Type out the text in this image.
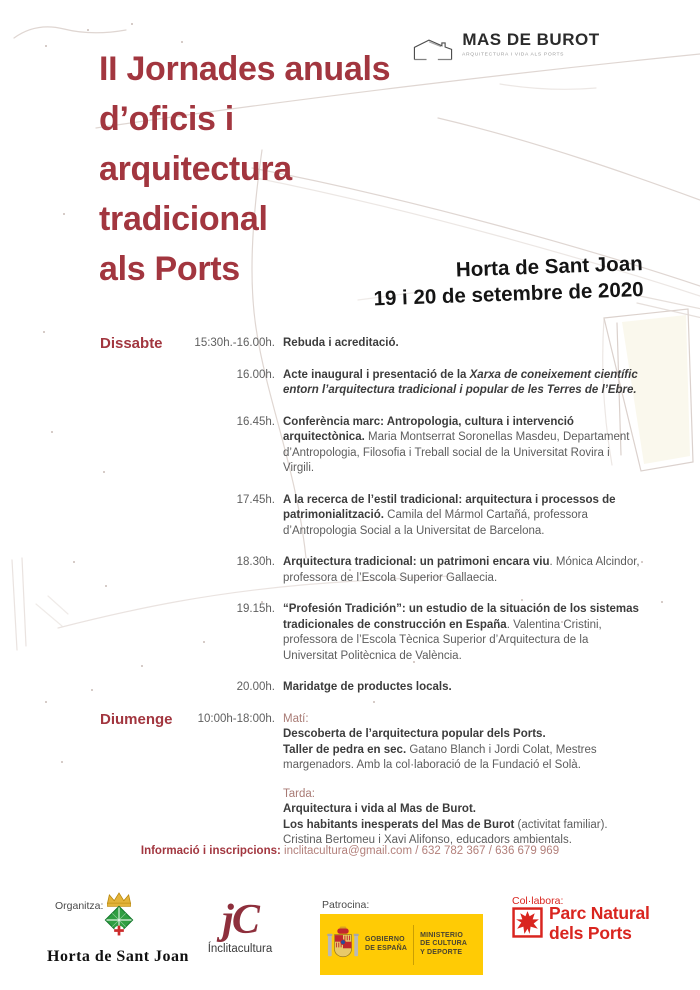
MAS DE BUROT
ARQUITECTURA I VIDA ALS PORTS
II Jornades anuals
d’oficis i
arquitectura
tradicional
als Ports	Horta de Sant Joan
19 i 20 de setembre de 2020
Dissabte	15:30h.-16.00h. Rebuda i acreditació.
16.00h. Acte inaugural i presentació de la Xarxa de coneixement científic entorn l’arquitectura tradicional i popular de les Terres de l’Ebre.
16.45h. Conferència marc: Antropologia, cultura i intervenció arquitectònica. Maria Montserrat Soronellas Masdeu, Departament d’Antropologia, Filosofia i Treball social de la Universitat Rovira i Virgili.
17.45h. A la recerca de l’estil tradicional: arquitectura i processos de patrimonialització. Camila del Mármol Cartañá, professora d’Antropologia Social a la Universitat de Barcelona.
18.30h. Arquitectura tradicional: un patrimoni encara viu. Mónica Alcindor, professora de l’Escola Superior Gallaecia.
19.15h. “Profesión Tradición”: un estudio de la situación de los sistemas tradicionales de construcción en España. Valentina Cristini, professora de l’Escola Tècnica Superior d’Arquitectura de la Universitat Politècnica de València.
20.00h. Maridatge de productes locals.
Diumenge	10:00h-18:00h. Matí:
Descoberta de l’arquitectura popular dels Ports.
Taller de pedra en sec. Gatano Blanch i Jordi Colat, Mestres margenadors. Amb la col·laboració de la Fundació el Solà.
Tarda:
Arquitectura i vida al Mas de Burot.
Los habitants inesperats del Mas de Burot (activitat familiar). Cristina Bertomeu i Xavi Alifonso, educadors ambientals.
Informació i inscripcions: inclitacultura@gmail.com / 632 782 367 / 636 679 969
Organitza:
Horta de Sant Joan
jC
Ínclitacultura
Patrocina:
GOBIERNO
DE ESPAÑA
MINISTERIO
DE CULTURA
Y DEPORTE
Col·labora:
Parc Natural
dels Ports
